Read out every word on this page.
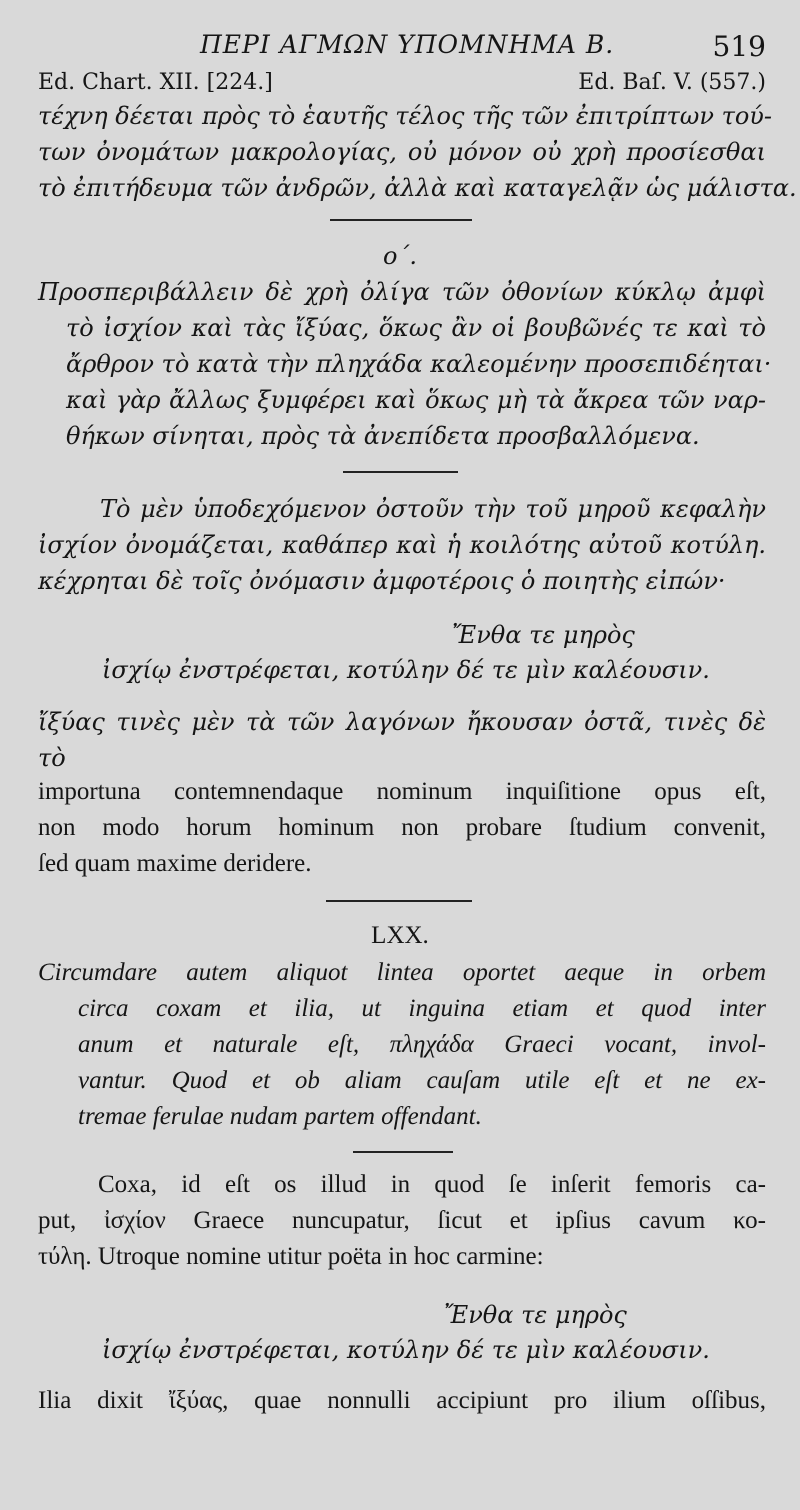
ΠΕΡΙ ΑΓΜΩΝ ΥΠΟΜΝΗΜΑ Β.	519
Ed. Chart. XII. [224.]	Ed. Baſ. V. (557.)
τέχνη δέεται πρὸς τὸ ἑαυτῆς τέλος τῆς τῶν ἐπιτρίπτων τού-
των ὀνομάτων μακρολογίας, οὐ μόνον οὐ χρὴ προσίεσθαι
τὸ ἐπιτήδευμα τῶν ἀνδρῶν, ἀλλὰ καὶ καταγελᾷν ὡς μάλιστα.
ο΄.
Προσπεριβάλλειν δὲ χρὴ ὀλίγα τῶν ὀθονίων κύκλῳ ἀμφὶ
τὸ ἰσχίον καὶ τὰς ἴξύας, ὅκως ἂν οἱ βουβῶνές τε καὶ τὸ
ἄρθρον τὸ κατὰ τὴν πληχάδα καλεομένην προσεπιδέηται·
καὶ γὰρ ἄλλως ξυμφέρει καὶ ὅκως μὴ τὰ ἄκρεα τῶν ναρ-
θήκων σίνηται, πρὸς τὰ ἀνεπίδετα προσβαλλόμενα.
Τὸ μὲν ὑποδεχόμενον ὀστοῦν τὴν τοῦ μηροῦ κεφαλὴν
ἰσχίον ὀνομάζεται, καθάπερ καὶ ἡ κοιλότης αὐτοῦ κοτύλη.
κέχρηται δὲ τοῖς ὀνόμασιν ἀμφοτέροις ὁ ποιητὴς εἰπών·
Ἔνθα τε μηρὸς
ἰσχίῳ ἐνστρέφεται, κοτύλην δέ τε μὶν καλέουσιν.
ἴξύας τινὲς μὲν τὰ τῶν λαγόνων ἤκουσαν ὀστᾶ, τινὲς δὲ τὸ
importuna contemnendaque nominum inquiſitione opus eſt,
non modo horum hominum non probare ſtudium convenit,
ſed quam maxime deridere.
LXX.
Circumdare autem aliquot lintea oportet aeque in orbem
circa coxam et ilia, ut inguina etiam et quod inter
anum et naturale eſt, πληχάδα Graeci vocant, invol-
vantur. Quod et ob aliam cauſam utile eſt et ne ex-
tremae ferulae nudam partem offendant.
Coxa, id eſt os illud in quod ſe inſerit femoris ca-
put, ἰσχίον Graece nuncupatur, ſicut et ipſius cavum κο-
τύλη. Utroque nomine utitur poëta in hoc carmine:
Ἔνθα τε μηρὸς
ἰσχίῳ ἐνστρέφεται, κοτύλην δέ τε μὶν καλέουσιν.
Ilia dixit ἴξύας, quae nonnulli accipiunt pro ilium oſſibus,
